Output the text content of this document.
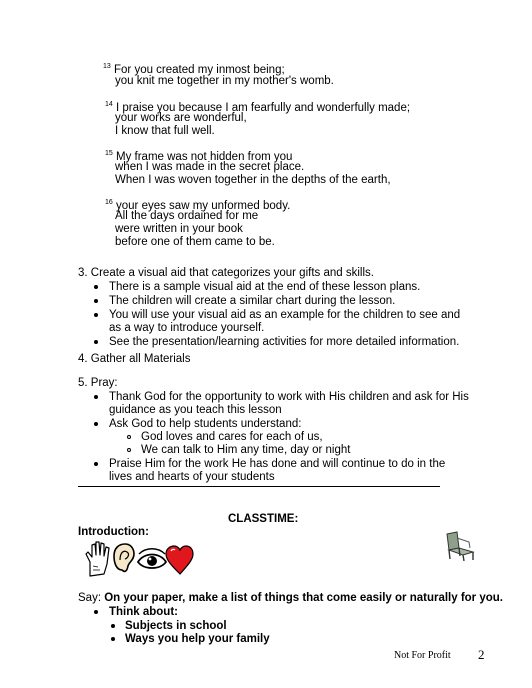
$^{13}$ For you created my inmost being;
you knit me together in my mother's womb.
$^{14}$ I praise you because I am fearfully and wonderfully made;
your works are wonderful,
I know that full well.
$^{15}$ My frame was not hidden from you
when I was made in the secret place.
When I was woven together in the depths of the earth,
$^{16}$ your eyes saw my unformed body.
All the days ordained for me
were written in your book
before one of them came to be.
3. Create a visual aid that categorizes your gifts and skills.
There is a sample visual aid at the end of these lesson plans.
The children will create a similar chart during the lesson.
You will use your visual aid as an example for the children to see and
as a way to introduce yourself.
See the presentation/learning activities for more detailed information.
4. Gather all Materials
5. Pray:
Thank God for the opportunity to work with His children and ask for His
guidance as you teach this lesson
Ask God to help students understand:
God loves and cares for each of us,
We can talk to Him any time, day or night
Praise Him for the work He has done and will continue to do in the
lives and hearts of your students
CLASSTIME:
Introduction:
Say: On your paper, make a list of things that come easily or naturally for you.
Think about:
Subjects in school
Ways you help your family
Not For Profit 2
